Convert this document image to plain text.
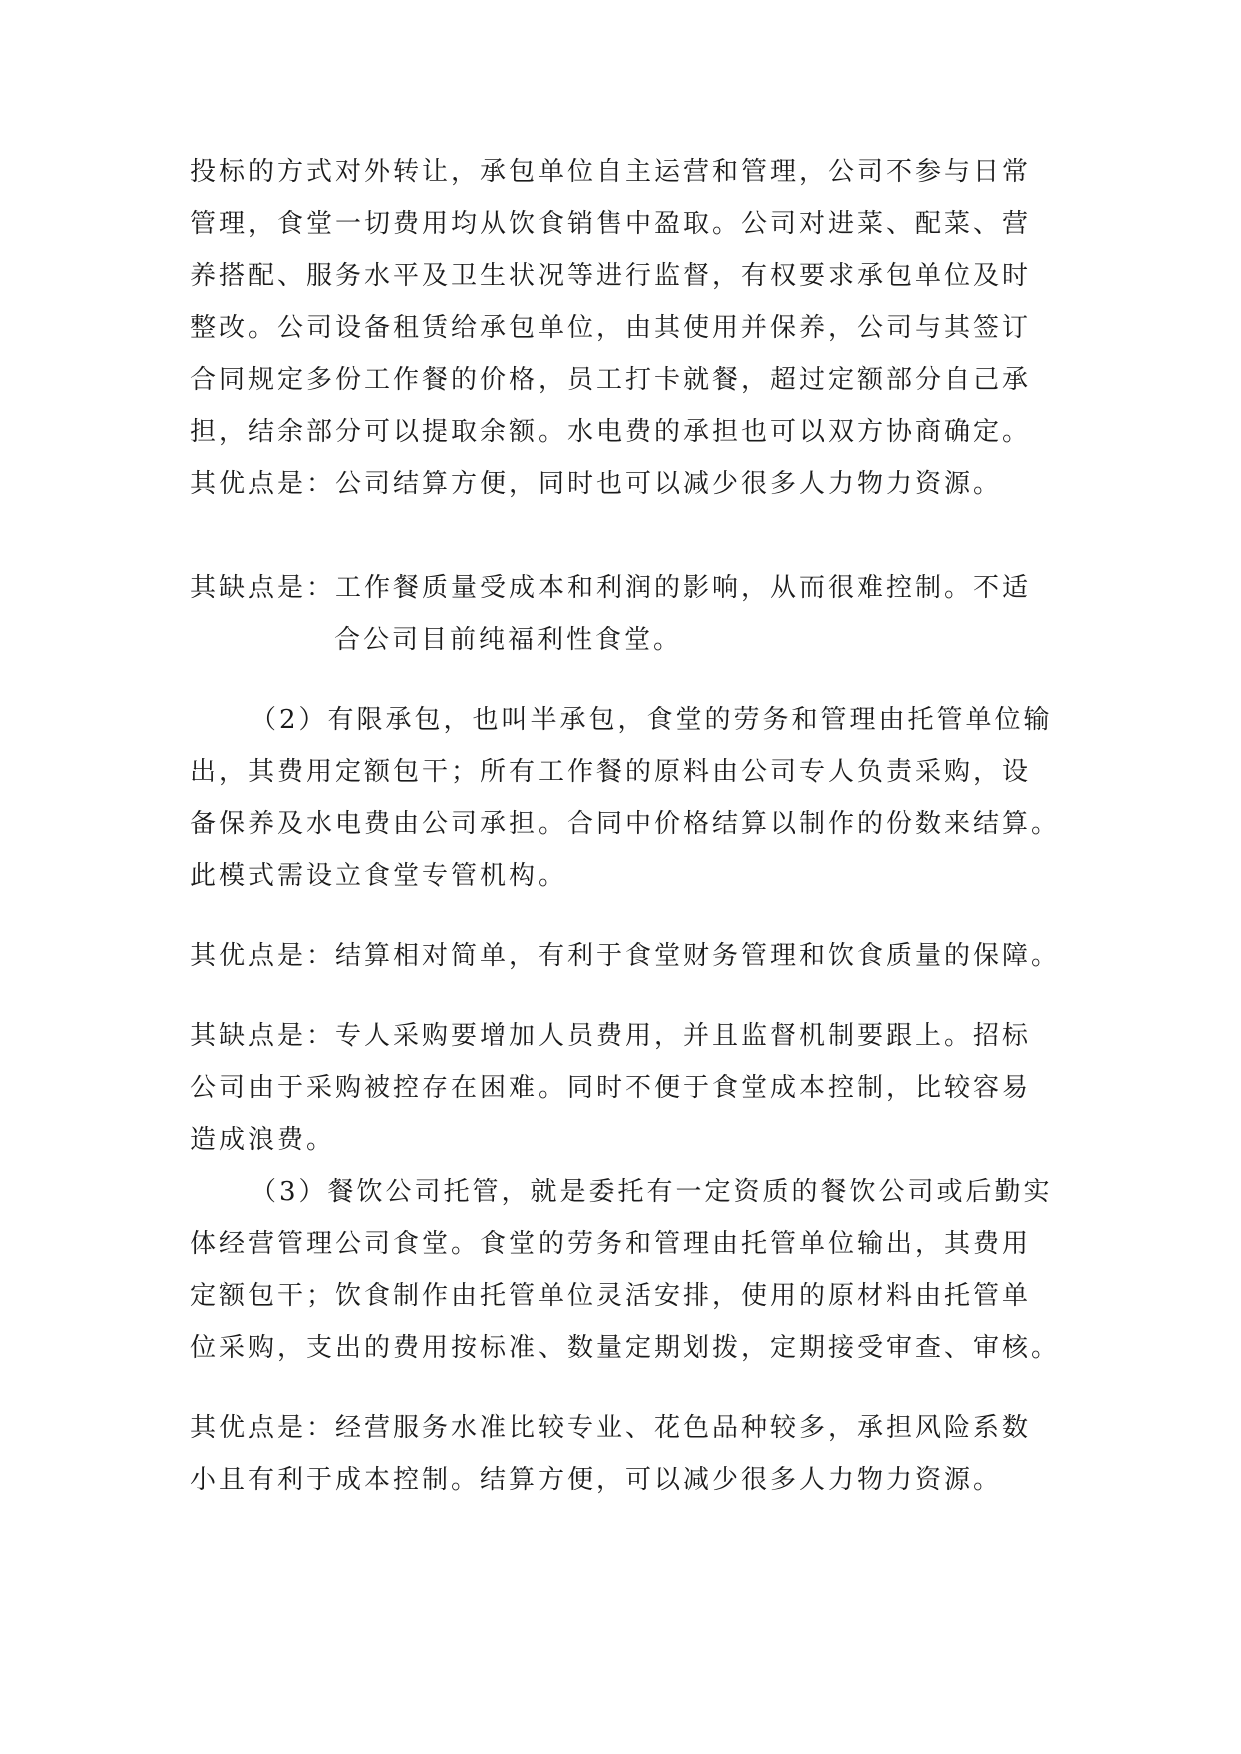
投标的方式对外转让，承包单位自主运营和管理，公司不参与日常
管理，食堂一切费用均从饮食销售中盈取。公司对进菜、配菜、营
养搭配、服务水平及卫生状况等进行监督，有权要求承包单位及时
整改。公司设备租赁给承包单位，由其使用并保养，公司与其签订
合同规定多份工作餐的价格，员工打卡就餐，超过定额部分自己承
担，结余部分可以提取余额。水电费的承担也可以双方协商确定。
其优点是：公司结算方便，同时也可以减少很多人力物力资源。
其缺点是：工作餐质量受成本和利润的影响，从而很难控制。不适
合公司目前纯福利性食堂。
（2）有限承包，也叫半承包，食堂的劳务和管理由托管单位输
出，其费用定额包干；所有工作餐的原料由公司专人负责采购，设
备保养及水电费由公司承担。合同中价格结算以制作的份数来结算。
此模式需设立食堂专管机构。
其优点是：结算相对简单，有利于食堂财务管理和饮食质量的保障。
其缺点是：专人采购要增加人员费用，并且监督机制要跟上。招标
公司由于采购被控存在困难。同时不便于食堂成本控制，比较容易
造成浪费。
（3）餐饮公司托管，就是委托有一定资质的餐饮公司或后勤实
体经营管理公司食堂。食堂的劳务和管理由托管单位输出，其费用
定额包干；饮食制作由托管单位灵活安排，使用的原材料由托管单
位采购，支出的费用按标准、数量定期划拨，定期接受审查、审核。
其优点是：经营服务水准比较专业、花色品种较多，承担风险系数
小且有利于成本控制。结算方便，可以减少很多人力物力资源。
